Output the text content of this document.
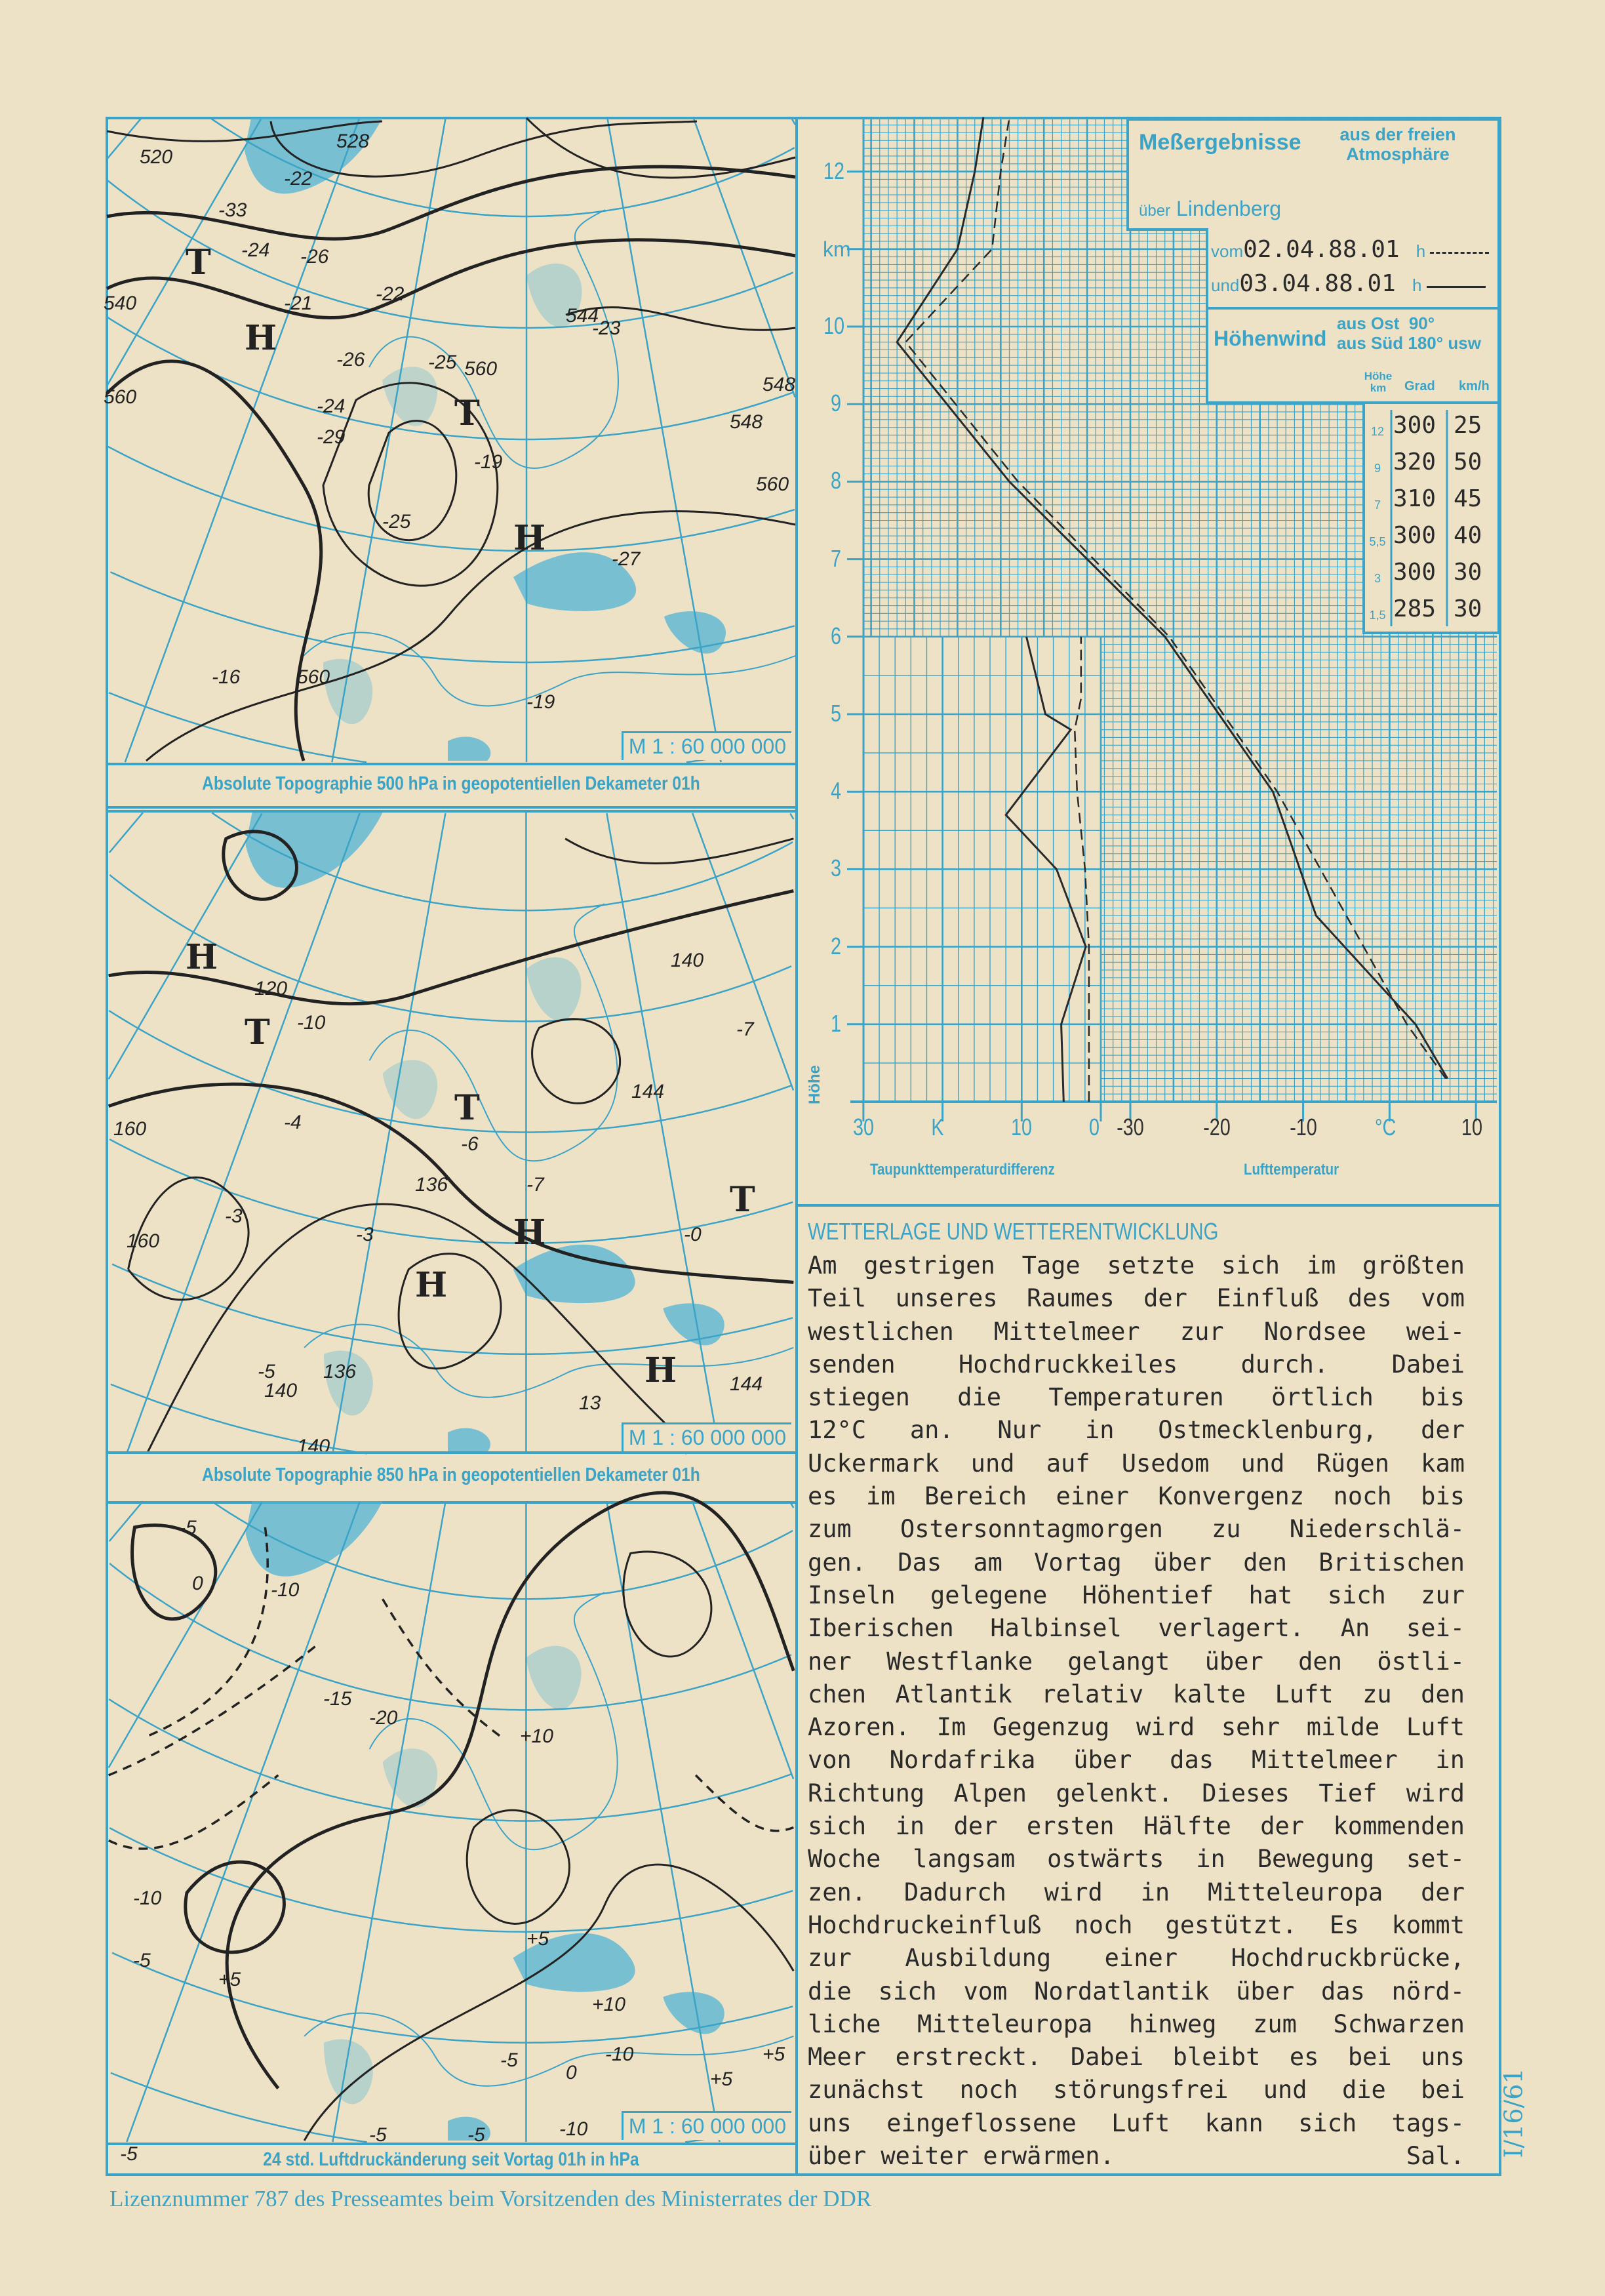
M 1 : 60 000 000
520
528
540
560
-33
-22
-24 -26
-22
-21
-23
-25
-26
-24
-29
-19
-25
-27
-19
-16	560
560
544
548
548
560
T
H
T
H
Absolute Topographie 500 hPa in geopotentiellen Dekameter 01h
M 1 : 60 000 000
120
-10
-4
-6
-3
-7
140
-5
144
-3
160
160
136
136
140
140
13
-0
144
-7
H
T
T
H
H
T
H
Absolute Topographie 850 hPa in geopotentiellen Dekameter 01h
M 1 : 60 000 000
-5
0	-10
-15
-20
+5
-5
-10
-5
+10
+5
+5
+10
-5
-10
-10
-5	+5
0
-5
24 std. Luftdruckänderung seit Vortag 01h in hPa
Meßergebnisse	aus der freien Atmosphäre
über Lindenberg
vom02.04.88.01 h
und03.04.88.01 h
Höhenwind
aus Ost  90°
aus Süd 180° usw
Höhe km	Grad km/h
km
Höhe
Taupunkttemperaturdifferenz	Lufttemperatur
12 300 25
9 320 50
7 310 45
5,5 300 40
3 300 30
1,5 285 30
1
2
3
4
5
6
7
8
9
10
12
30 K	10 0 -30	-20	-10 °C	10
WETTERLAGE UND WETTERENTWICKLUNG
Am gestrigen Tage setzte sich im größten
Teil unseres Raumes der Einfluß des vom
westlichen Mittelmeer zur Nordsee wei-
senden Hochdruckkeiles durch. Dabei
stiegen die Temperaturen örtlich bis
12°C an. Nur in Ostmecklenburg, der
Uckermark und auf Usedom und Rügen kam
es im Bereich einer Konvergenz noch bis
zum Ostersonntagmorgen zu Niederschlä-
gen. Das am Vortag über den Britischen
Inseln gelegene Höhentief hat sich zur
Iberischen Halbinsel verlagert. An sei-
ner Westflanke gelangt über den östli-
chen Atlantik relativ kalte Luft zu den
Azoren. Im Gegenzug wird sehr milde Luft
von Nordafrika über das Mittelmeer in
Richtung Alpen gelenkt. Dieses Tief wird
sich in der ersten Hälfte der kommenden
Woche langsam ostwärts in Bewegung set-
zen. Dadurch wird in Mitteleuropa der
Hochdruckeinfluß noch gestützt. Es kommt
zur Ausbildung einer Hochdruckbrücke,
die sich vom Nordatlantik über das nörd-
liche Mitteleuropa hinweg zum Schwarzen
Meer erstreckt. Dabei bleibt es bei uns
zunächst noch störungsfrei und die bei
uns eingeflossene Luft kann sich tags-
über weiter erwärmen.	Sal.
Lizenznummer 787 des Presseamtes beim Vorsitzenden des Ministerrates der DDR
I/16/61
